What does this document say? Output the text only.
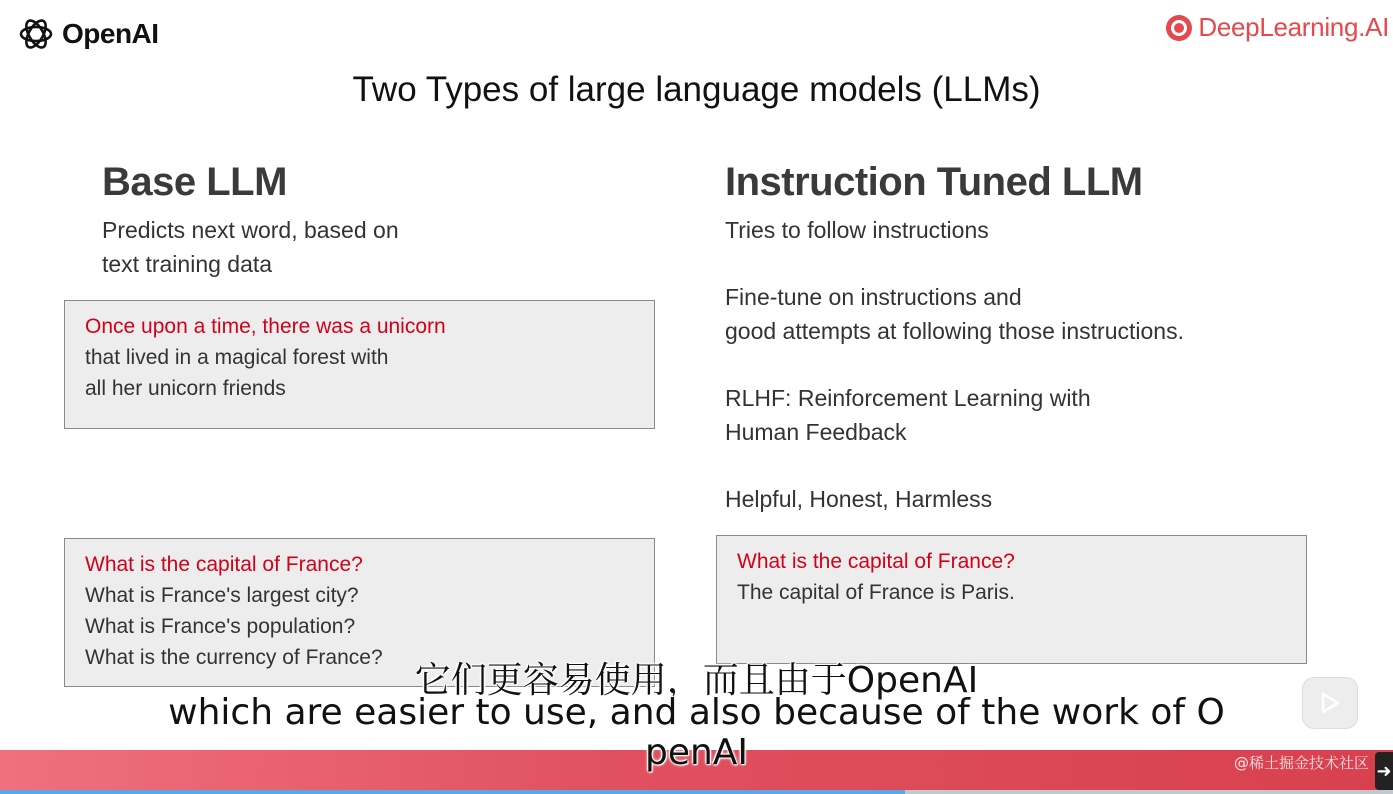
OpenAI	DeepLearning.AI
Two Types of large language models (LLMs)
Base LLM
Predicts next word, based on
text training data
Once upon a time, there was a unicorn
that lived in a magical forest with
all her unicorn friends
What is the capital of France?
What is France's largest city?
What is France's population?
What is the currency of France?
Instruction Tuned LLM
Tries to follow instructions
Fine-tune on instructions and
good attempts at following those instructions.
RLHF: Reinforcement Learning with
Human Feedback
Helpful, Honest, Harmless
What is the capital of France?
The capital of France is Paris.
@稀土掘金技术社区 ➜
它们更容易使用，而且由于OpenAI
which are easier to use, and also because of the work of O
penAI
